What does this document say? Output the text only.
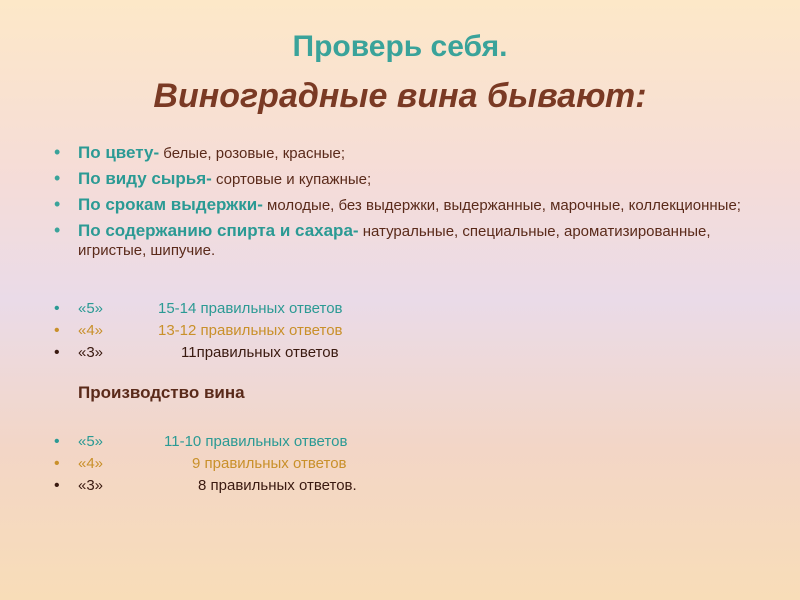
Проверь себя.
Виноградные вина бывают:
• По цвету- белые, розовые, красные;
• По виду сырья- сортовые и купажные;
• По срокам выдержки- молодые, без выдержки, выдержанные, марочные, коллекционные;
• По содержанию спирта и сахара- натуральные, специальные, ароматизированные, игристые, шипучие.
• «5»	15-14 правильных ответов
• «4»	13-12 правильных ответов
• «3»	11правильных ответов
Производство вина
• «5»	11-10 правильных ответов
• «4»	9 правильных ответов
• «3»	8 правильных ответов.
